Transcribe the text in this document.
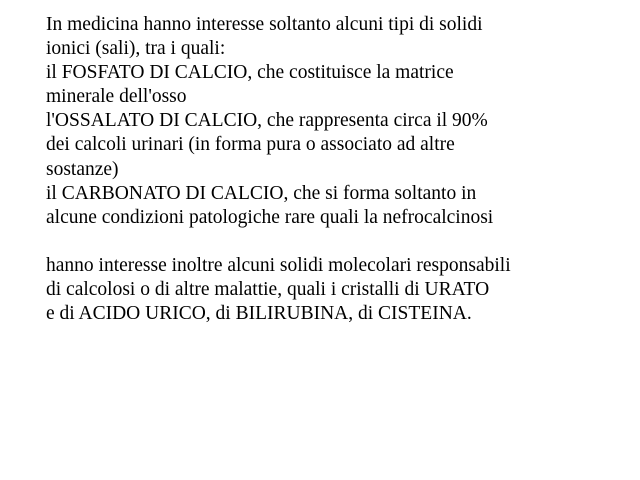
In medicina hanno interesse soltanto alcuni tipi di solidi
ionici (sali), tra i quali:
il FOSFATO DI CALCIO, che costituisce la matrice
minerale dell'osso
l'OSSALATO DI CALCIO, che rappresenta circa il 90%
dei calcoli urinari (in forma pura o associato ad altre
sostanze)
il CARBONATO DI CALCIO, che si forma soltanto in
alcune condizioni patologiche rare quali la nefrocalcinosi
hanno interesse inoltre alcuni solidi molecolari responsabili
di calcolosi o di altre malattie, quali i cristalli di URATO
e di ACIDO URICO, di BILIRUBINA, di CISTEINA.
